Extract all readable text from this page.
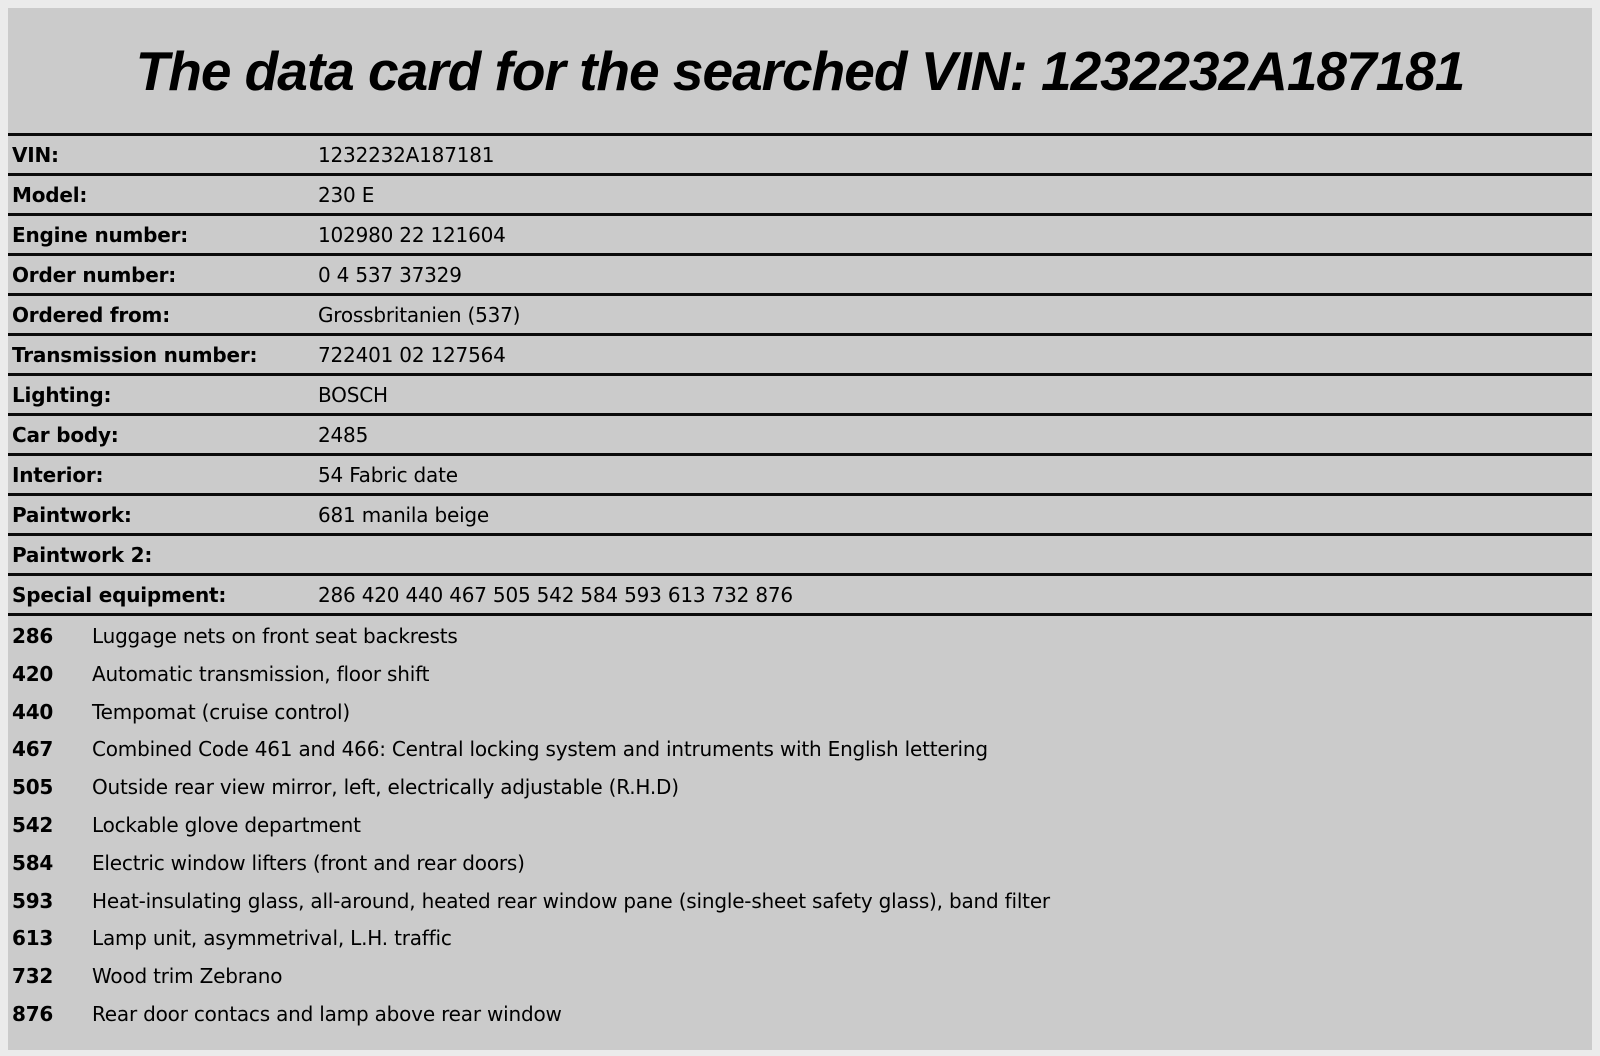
The data card for the searched VIN: 1232232A187181
VIN:	1232232A187181
Model:	230 E
Engine number:	102980 22 121604
Order number:	0 4 537 37329
Ordered from:	Grossbritanien (537)
Transmission number:	722401 02 127564
Lighting:	BOSCH
Car body:	2485
Interior:	54 Fabric date
Paintwork:	681 manila beige
Paintwork 2:
Special equipment:	286 420 440 467 505 542 584 593 613 732 876
286	Luggage nets on front seat backrests
420	Automatic transmission, floor shift
440	Tempomat (cruise control)
467	Combined Code 461 and 466: Central locking system and intruments with English lettering
505	Outside rear view mirror, left, electrically adjustable (R.H.D)
542	Lockable glove department
584	Electric window lifters (front and rear doors)
593	Heat-insulating glass, all-around, heated rear window pane (single-sheet safety glass), band filter
613	Lamp unit, asymmetrival, L.H. traffic
732	Wood trim Zebrano
876	Rear door contacs and lamp above rear window
